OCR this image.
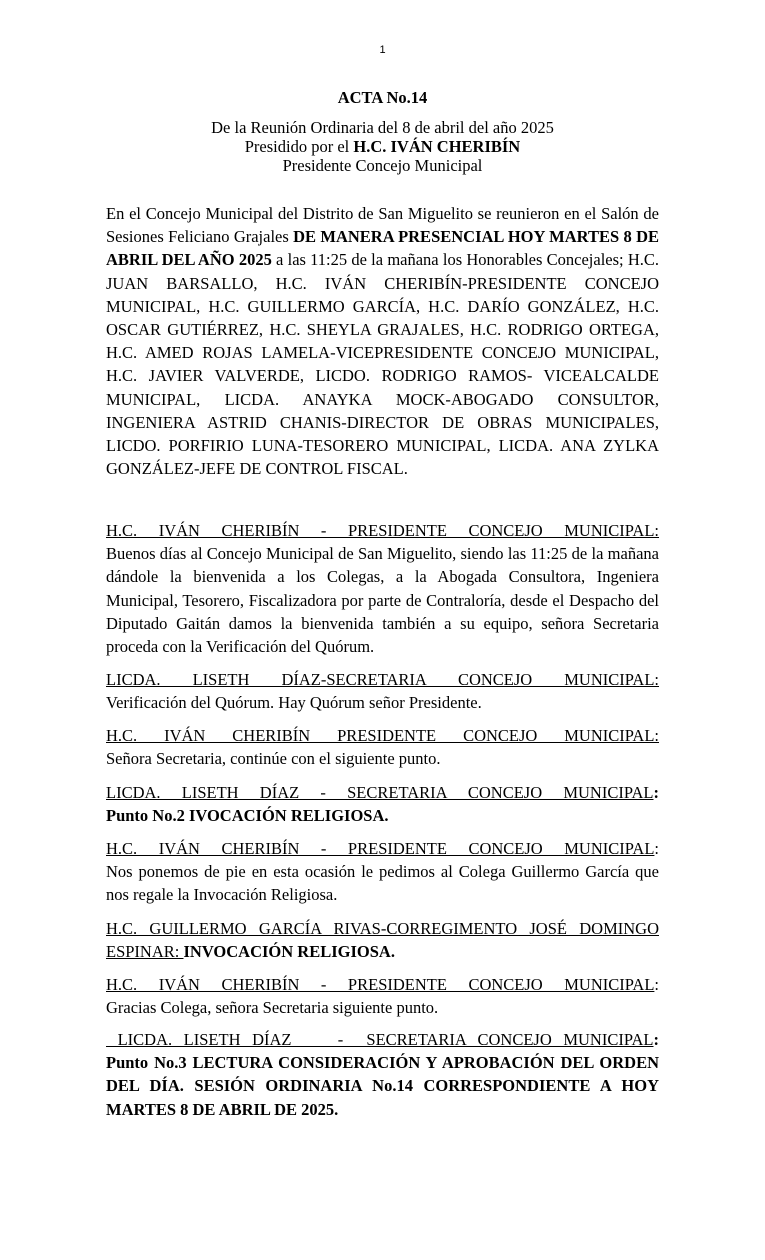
1
ACTA No.14
De la Reunión Ordinaria del 8 de abril del año 2025
Presidido por el H.C. IVÁN CHERIBÍN
Presidente Concejo Municipal

En el Concejo Municipal del Distrito de San Miguelito se reunieron en el Salón de Sesiones Feliciano Grajales DE MANERA PRESENCIAL HOY MARTES 8 DE ABRIL DEL AÑO 2025 a las 11:25 de la mañana los Honorables Concejales; H.C. JUAN BARSALLO, H.C. IVÁN CHERIBÍN-PRESIDENTE CONCEJO MUNICIPAL, H.C. GUILLERMO GARCÍA, H.C. DARÍO GONZÁLEZ, H.C. OSCAR GUTIÉRREZ, H.C. SHEYLA GRAJALES, H.C. RODRIGO ORTEGA, H.C. AMED ROJAS LAMELA-VICEPRESIDENTE CONCEJO MUNICIPAL, H.C. JAVIER VALVERDE, LICDO. RODRIGO RAMOS- VICEALCALDE MUNICIPAL, LICDA. ANAYKA MOCK-ABOGADO CONSULTOR, INGENIERA ASTRID CHANIS-DIRECTOR DE OBRAS MUNICIPALES, LICDO. PORFIRIO LUNA-TESORERO MUNICIPAL, LICDA. ANA ZYLKA GONZÁLEZ-JEFE DE CONTROL FISCAL.

H.C. IVÁN CHERIBÍN - PRESIDENTE CONCEJO MUNICIPAL:

Buenos días al Concejo Municipal de San Miguelito, siendo las 11:25 de la mañana dándole la bienvenida a los Colegas, a la Abogada Consultora, Ingeniera Municipal, Tesorero, Fiscalizadora por parte de Contraloría, desde el Despacho del Diputado Gaitán damos la bienvenida también a su equipo, señora Secretaria proceda con la Verificación del Quórum.

LICDA. LISETH DÍAZ-SECRETARIA CONCEJO MUNICIPAL:

Verificación del Quórum. Hay Quórum señor Presidente.

H.C. IVÁN CHERIBÍN PRESIDENTE CONCEJO MUNICIPAL:

Señora Secretaria, continúe con el siguiente punto.

LICDA. LISETH DÍAZ - SECRETARIA CONCEJO MUNICIPAL :

Punto No.2 IVOCACIÓN RELIGIOSA.

H.C. IVÁN CHERIBÍN - PRESIDENTE CONCEJO MUNICIPAL :

Nos ponemos de pie en esta ocasión le pedimos al Colega Guillermo García que nos regale la Invocación Religiosa.

H.C. GUILLERMO GARCÍA RIVAS-CORREGIMENTO JOSÉ DOMINGO

ESPINAR: INVOCACIÓN RELIGIOSA.

H.C. IVÁN CHERIBÍN - PRESIDENTE CONCEJO MUNICIPAL :

Gracias Colega, señora Secretaria siguiente punto.

LICDA. LISETH DÍAZ    -  SECRETARIA CONCEJO MUNICIPAL :

Punto No.3 LECTURA CONSIDERACIÓN Y APROBACIÓN DEL ORDEN DEL DÍA. SESIÓN ORDINARIA No.14 CORRESPONDIENTE A HOY MARTES 8 DE ABRIL DE 2025.
